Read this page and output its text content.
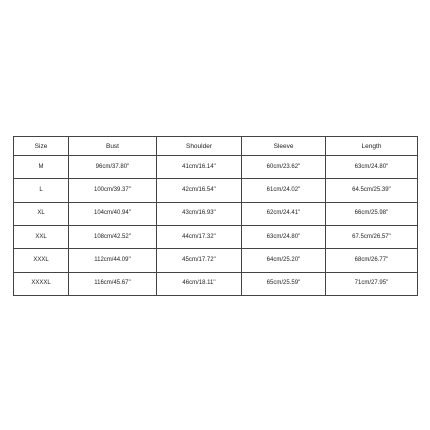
Size	Bust	Shoulder	Sleeve	Length
M	96cm/37.80''	41cm/16.14''	60cm/23.62''	63cm/24.80''
L	100cm/39.37''	42cm/16.54''	61cm/24.02''	64.5cm/25.39''
XL	104cm/40.94''	43cm/16.93''	62cm/24.41''	66cm/25.98''
XXL	108cm/42.52''	44cm/17.32''	63cm/24.80''	67.5cm/26.57''
XXXL	112cm/44.09''	45cm/17.72''	64cm/25.20''	68cm/26.77''
XXXXL	116cm/45.67''	46cm/18.11''	65cm/25.59''	71cm/27.95''
